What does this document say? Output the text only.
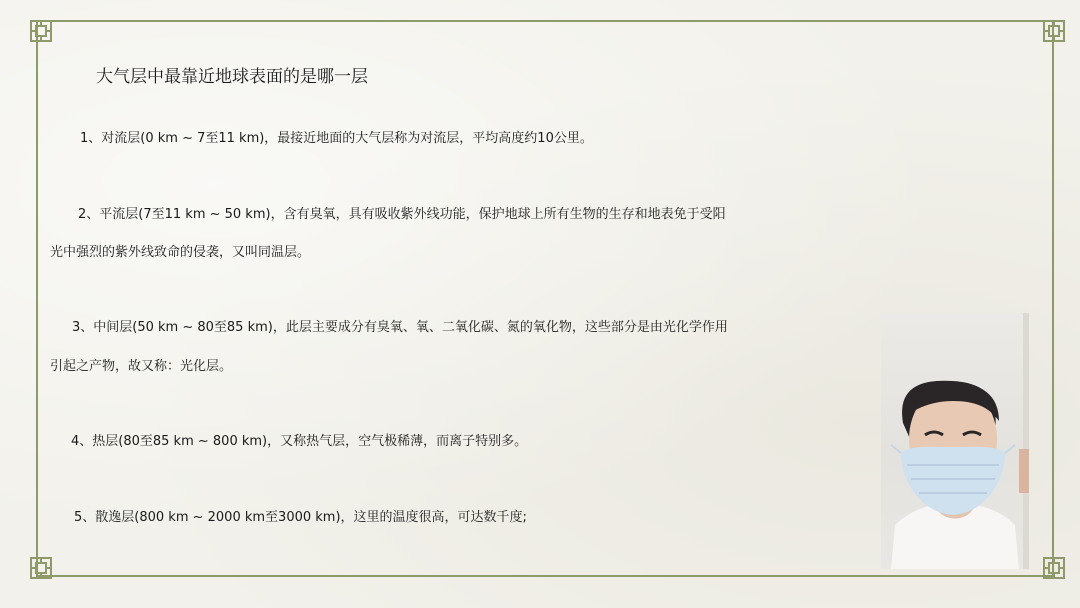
大气层中最靠近地球表面的是哪一层
1、对流层(0 km ~ 7至11 km)，最接近地面的大气层称为对流层，平均高度约10公里。
2、平流层(7至11 km ~ 50 km)，含有臭氧，具有吸收紫外线功能，保护地球上所有生物的生存和地表免于受阳
光中强烈的紫外线致命的侵袭，又叫同温层。
3、中间层(50 km ~ 80至85 km)，此层主要成分有臭氧、氧、二氧化碳、氮的氧化物，这些部分是由光化学作用
引起之产物，故又称：光化层。
4、热层(80至85 km ~ 800 km)，又称热气层，空气极稀薄，而离子特别多。
5、散逸层(800 km ~ 2000 km至3000 km)，这里的温度很高，可达数千度;
